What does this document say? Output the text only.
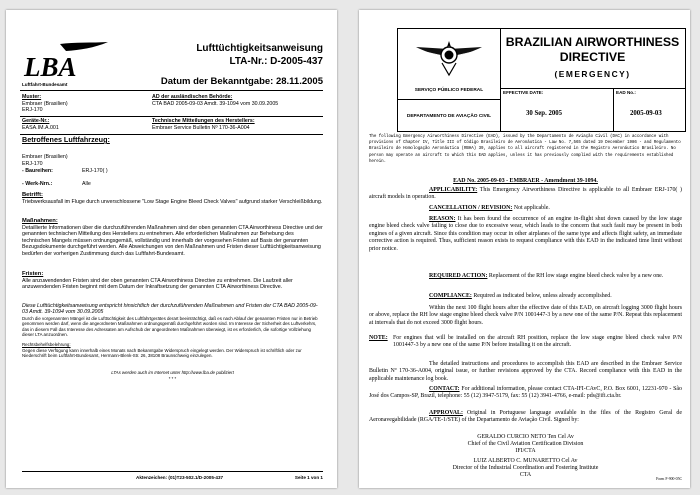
LBA
Luftfahrt-Bundesamt
Lufttüchtigkeitsanweisung
LTA-Nr.: D-2005-437
Datum der Bekanntgabe: 28.11.2005
Muster:
Embraer (Brasilien)
ERJ-170
AD der ausländischen Behörde:
CTA BAD 2005-09-03 Amdt. 39-1094 vom 30.09.2005
Geräte-Nr.:
EASA.IM.A.001
Technische Mitteilungen des Herstellers:
Embraer Service Bulletin Nº 170-36-A004
Betroffenes Luftfahrzeug:
Embraer (Brasilien)
ERJ-170
- Baureihen:	ERJ-170( )
- Werk-Nrn.:	Alle
Betrifft:
Triebwerksausfall im Fluge durch unverschlossene "Low Stage Engine Bleed Check Valves" aufgrund starker Verschleißbildung.
Maßnahmen:
Detaillierte Informationen über die durchzuführenden Maßnahmen sind der oben genannten CTA Airworthiness Directive und der genannten technischen Mitteilung des Herstellers zu entnehmen. Alle erforderlichen Maßnahmen zur Behebung des technischen Mangels müssen ordnungsgemäß, vollständig und innerhalb der vorgesehen Fristen auf Basis der genannten Bezugsdokumente durchgeführt werden. Alle Abweichungen von den Maßnahmen und Fristen dieser Lufttüchtigkeitsanweisung bedürfen der vorherigen Zustimmung durch das Luftfahrt-Bundesamt.
Fristen:
Alle anzuwendenden Fristen sind der oben genannten CTA Airworthiness Directive zu entnehmen. Die Laufzeit aller anzuwendenden Fristen beginnt mit dem Datum der Inkraftsetzung der genannten CTA Airworthiness Directive.
Diese Lufttüchtigkeitsanweisung entspricht hinsichtlich der durchzuführenden Maßnahmen und Fristen der CTA BAD 2005-09-03 Amdt. 39-1094 vom 30.09.2005
Durch die vorgenannten Mängel ist die Lufttüchtigkeit des Luftfahrtgerätes derart beeinträchtigt, daß es nach Ablauf der genannten Fristen nur in Betrieb genommen werden darf, wenn die angeordneten Maßnahmen ordnungsgemäß durchgeführt worden sind. Im Interesse der Sicherheit des Luftverkehrs, das in diesem Fall das Interesse des Adressaten am Aufschub der angeordneten Maßnahmen überwiegt, ist es erforderlich, die sofortige Vollziehung dieser LTA anzuordnen.
Rechtsbehelfsbelehrung:
Gegen diese Verfügung kann innerhalb eines Monats nach Bekanntgabe Widerspruch eingelegt werden. Der Widerspruch ist schriftlich oder zur Niederschrift beim Luftfahrt-Bundesamt, Hermann-Blenk-Str. 26, 38108 Braunschweig einzulegen.
LTAs werden auch im Internet unter http://www.lba.de publiziert
* * *
Aktenzeichen: (01)T23-502.1/D-2005-437	Seite 1 von 1
SERVIÇO PÚBLICO FEDERAL
DEPARTAMENTO DE AVIAÇÃO CIVIL
BRAZILIAN AIRWORTHINESS DIRECTIVE
(EMERGENCY)
EFFECTIVE DATE:
30 Sep. 2005
EAD No.:
2005-09-03
The following Emergency Airworthiness Directive (EAD), issued by the Departamento de Aviação Civil (DAC) in accordance with provisions of Chapter IV, Title III of Código Brasileiro de Aeronáutica - Law No. 7,565 dated 19 December 1986 - and Regulamento Brasileiro de Homologação Aeronáutica (RBHA) 39, applies to all aircraft registered in the Registro Aeronáutico Brasileiro. No person may operate an aircraft to which this EAD applies, unless it has previously complied with the requirements established herein.
EAD No. 2005-09-03 - EMBRAER - Amendment 39-1094.
APPLICABILITY: This Emergency Airworthiness Directive is applicable to all Embraer ERJ-170( ) aircraft models in operation.
CANCELLATION / REVISION: Not applicable.
REASON: It has been found the occurrence of an engine in-flight shut down caused by the low stage engine bleed check valve failing to close due to excessive wear, which leads to the concern that such fault may be present in both engines of a given aircraft. Since this condition may occur in other airplanes of the same type and affects flight safety, an immediate corrective action is required. Thus, sufficient reason exists to request compliance with this EAD in the indicated time limit without prior notice.
REQUIRED ACTION: Replacement of the RH low stage engine bleed check valve by a new one.
COMPLIANCE: Required as indicated below, unless already accomplished.
Within the next 100 flight hours after the effective date of this EAD, on aircraft logging 3000 flight hours or above, replace the RH low stage engine bleed check valve P/N 1001447-3 by a new one of the same P/N. Repeat this replacement at intervals that do not exceed 3000 flight hours.
NOTE: For engines that will be installed on the aircraft RH position, replace the low stage engine bleed check valve P/N 1001447-3 by a new one of the same P/N before installing it on the aircraft.
The detailed instructions and procedures to accomplish this EAD are described in the Embraer Service Bulletin Nº 170-36-A004, original issue, or further revisions approved by the CTA. Record compliance with this EAD in the applicable maintenance log book.
CONTACT: For additional information, please contact CTA-IFI-CAvC, P.O. Box 6001, 12231-970 - São José dos Campos-SP, Brazil, telephone: 55 (12) 3947-5179, fax: 55 (12) 3941-4766, e-mail: pds@ifi.cta.br.
APPROVAL: Original in Portuguese language available in the files of the Registro Geral de Aeronavegabilidade (RGA/TE-1/STE) of the Departamento de Aviação Civil. Signed by:
GERALDO CURCIO NETO Ten Cel Av
Chief of the Civil Aviation Certification Division
IFI/CTA
LUIZ ALBERTO C. MUNARETTO Cel Av
Director of the Industrial Coordination and Fostering Institute
CTA
Form F-900-05C
